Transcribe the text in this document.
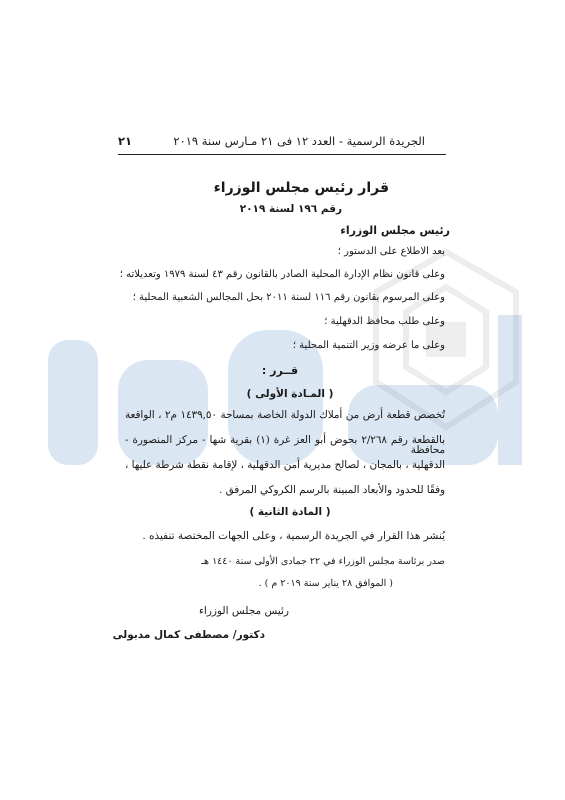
الجريدة الرسمية - العدد ١٢ فى ٢١ مـارس سنة ٢٠١٩
٢١
قرار رئيس مجلس الوزراء
رقم ١٩٦ لسنة ٢٠١٩
رئيس مجلس الوزراء
بعد الاطلاع على الدستور ؛
وعلى قانون نظام الإدارة المحلية الصادر بالقانون رقم ٤٣ لسنة ١٩٧٩ وتعديلاته ؛
وعلى المرسوم بقانون رقم ١١٦ لسنة ٢٠١١ بحل المجالس الشعبية المحلية ؛
وعلى طلب محافظ الدقهلية ؛
وعلى ما عرضه وزير التنمية المحلية ؛
قــرر :
( المـادة الأولى )
تُخصص قطعة أرض من أملاك الدولة الخاصة بمساحة ١٤٣٩,٥٠ م٢ ، الواقعة
بالقطعة رقم ٢/٢٦٨ بحوض أبو العز غرة (١) بقرية شها - مركز المنصورة - محافظة
الدقهلية ، بالمجان ، لصالح مديرية أمن الدقهلية ، لإقامة نقطة شرطة عليها ،
وفقًا للحدود والأبعاد المبينة بالرسم الكروكي المرفق .
( المادة الثانية )
يُنشر هذا القرار في الجريدة الرسمية ، وعلى الجهات المختصة تنفيذه .
صدر برئاسة مجلس الوزراء في ٢٢ جمادى الأولى سنة ١٤٤٠ هـ
( الموافق ٢٨ يناير سنة ٢٠١٩ م ) .
رئيس مجلس الوزراء
دكتور/ مصطفى كمال مدبولى
